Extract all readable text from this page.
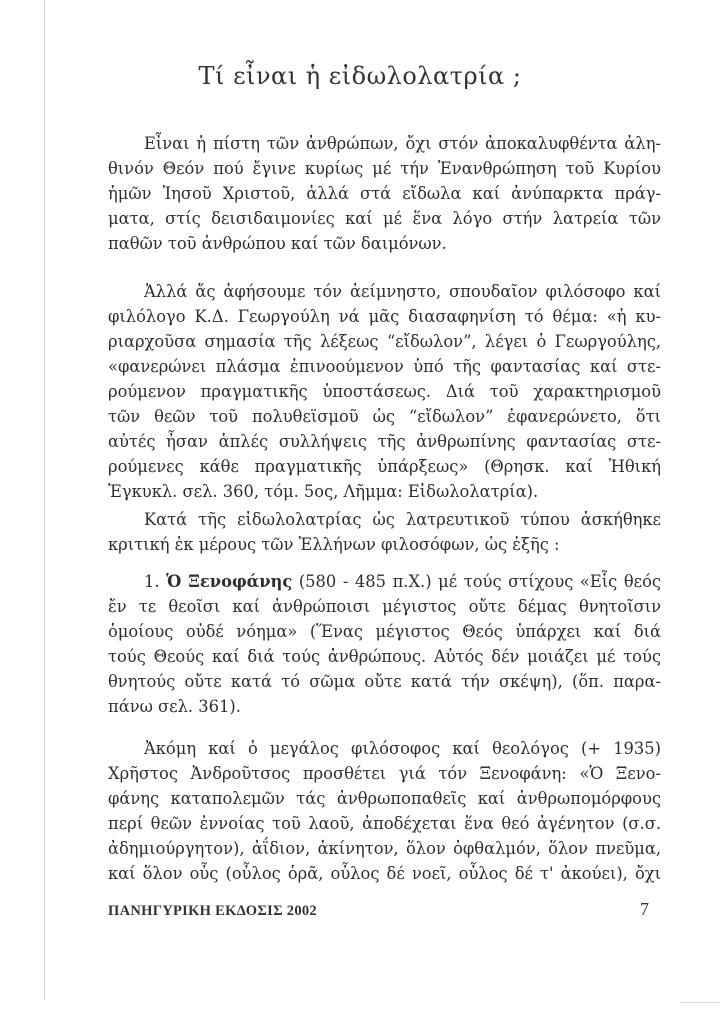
Τί εἶναι ἡ εἰδωλολατρία ;
Εἶναι ἡ πίστη τῶν ἀνθρώπων, ὄχι στόν ἀποκαλυφθέντα ἀλη-
θινόν Θεόν πού ἔγινε κυρίως μέ τήν Ἐνανθρώπηση τοῦ Κυρίου
ἡμῶν Ἰησοῦ Χριστοῦ, ἀλλά στά εἴδωλα καί ἀνύπαρκτα πράγ-
ματα, στίς δεισιδαιμονίες καί μέ ἕνα λόγο στήν λατρεία τῶν
παθῶν τοῦ ἀνθρώπου καί τῶν δαιμόνων.
Ἀλλά ἄς ἀφήσουμε τόν ἀείμνηστο, σπουδαῖον φιλόσοφο καί
φιλόλογο Κ.Δ. Γεωργούλη νά μᾶς διασαφηνίση τό θέμα: «ἡ κυ-
ριαρχοῦσα σημασία τῆς λέξεως “εἴδωλον”, λέγει ὁ Γεωργούλης,
«φανερώνει πλάσμα ἐπινοούμενον ὑπό τῆς φαντασίας καί στε-
ρούμενον πραγματικῆς ὑποστάσεως. Διά τοῦ χαρακτηρισμοῦ
τῶν θεῶν τοῦ πολυθεϊσμοῦ ὡς “εἴδωλον” ἐφανερώνετο, ὅτι
αὐτές ἦσαν ἁπλές συλλήψεις τῆς ἀνθρωπίνης φαντασίας στε-
ρούμενες κάθε πραγματικῆς ὑπάρξεως» (Θρησκ. καί Ἠθική
Ἐγκυκλ. σελ. 360, τόμ. 5ος, Λῆμμα: Εἰδωλολατρία).
Κατά τῆς εἰδωλολατρίας ὡς λατρευτικοῦ τύπου ἀσκήθηκε
κριτική ἐκ μέρους τῶν Ἑλλήνων φιλοσόφων, ὡς ἐξῆς :
1. Ὁ Ξενοφάνης (580 - 485 π.Χ.) μέ τούς στίχους «Εἷς θεός
ἔν τε θεοῖσι καί ἀνθρώποισι μέγιστος οὔτε δέμας θνητοῖσιν
ὁμοίους οὐδέ νόημα» (Ἕνας μέγιστος Θεός ὑπάρχει καί διά
τούς Θεούς καί διά τούς ἀνθρώπους. Αὐτός δέν μοιάζει μέ τούς
θνητούς οὔτε κατά τό σῶμα οὔτε κατά τήν σκέψη), (ὅπ. παρα-
πάνω σελ. 361).
Ἀκόμη καί ὁ μεγάλος φιλόσοφος καί θεολόγος (+ 1935)
Χρῆστος Ἀνδροῦτσος προσθέτει γιά τόν Ξενοφάνη: «Ὁ Ξενο-
φάνης καταπολεμῶν τάς ἀνθρωποπαθεῖς καί ἀνθρωπομόρφους
περί θεῶν ἐννοίας τοῦ λαοῦ, ἀποδέχεται ἕνα θεό ἀγένητον (σ.σ.
ἀδημιούργητον), ἀΐδιον, ἀκίνητον, ὅλον ὀφθαλμόν, ὅλον πνεῦμα,
καί ὅλον οὖς (οὖλος ὁρᾶ, οὖλος δέ νοεῖ, οὖλος δέ τ' ἀκούει), ὄχι
ΠΑΝΗΓΥΡΙΚΗ ΕΚΔΟΣΙΣ 2002	7
